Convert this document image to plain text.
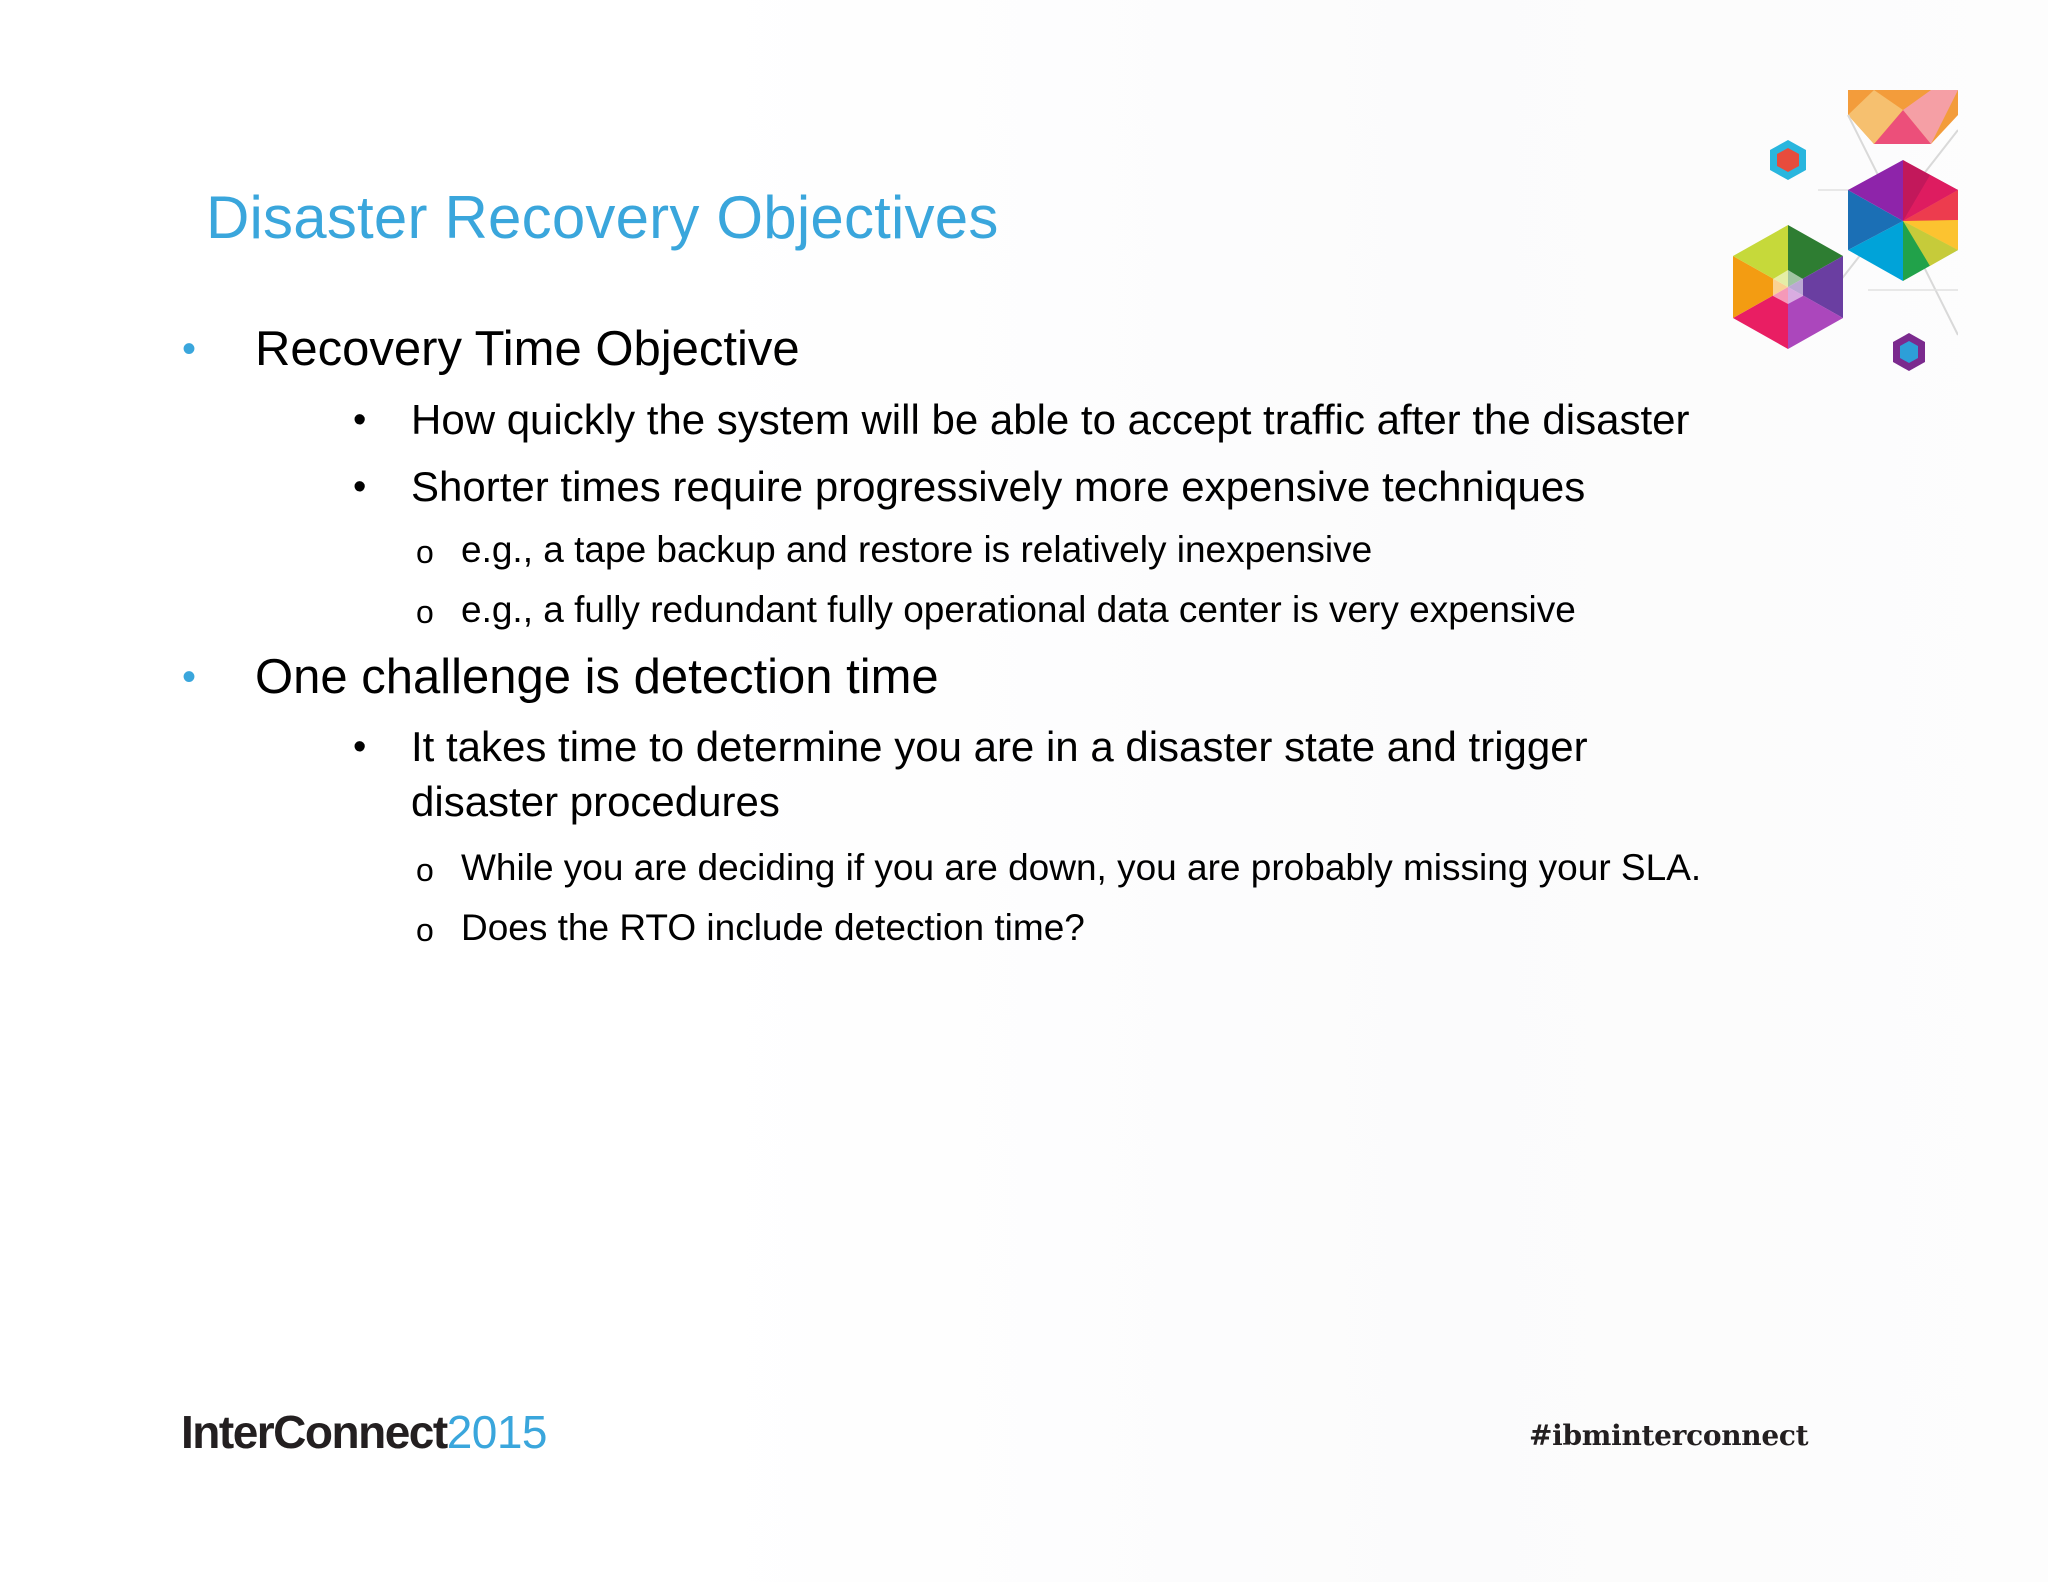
Disaster Recovery Objectives
• Recovery Time Objective
• How quickly the system will be able to accept traffic after the disaster
• Shorter times require progressively more expensive techniques
o e.g., a tape backup and restore is relatively inexpensive
o e.g., a fully redundant fully operational data center is very expensive
• One challenge is detection time
• It takes time to determine you are in a disaster state and trigger
disaster procedures
o While you are deciding if you are down, you are probably missing your SLA.
o Does the RTO include detection time?
InterConnect2015	#ibminterconnect
